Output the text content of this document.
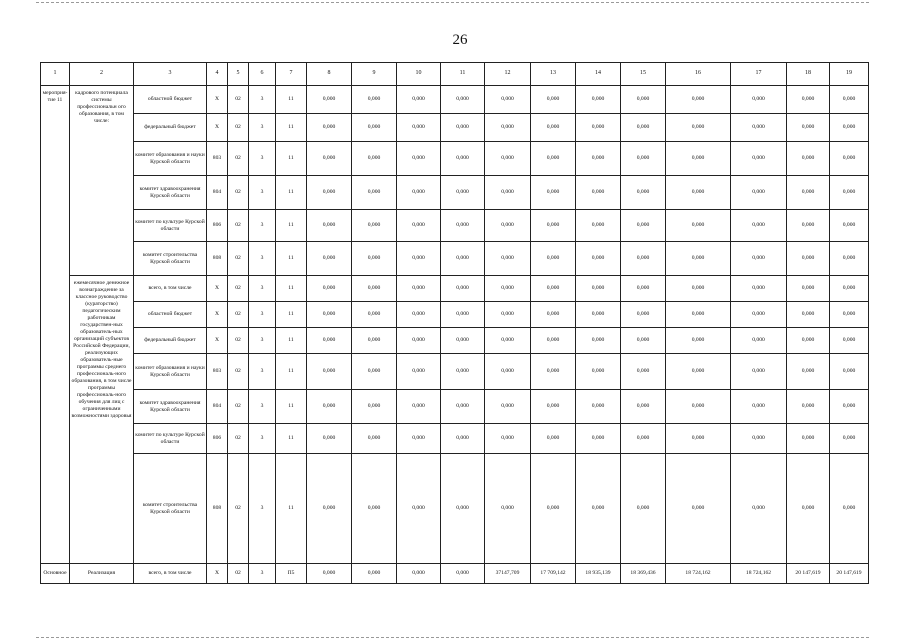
26
1	2	3	4	5	6	7	8	9	10	11	12	13	14	15	16	17	18	19
мероприя-тие 11	кадрового потенциала системы профессиональн ого образования, в том числе:	областной бюджет	X	02	3	11	0,000	0,000	0,000	0,000	0,000	0,000	0,000	0,000	0,000	0,000	0,000	0,000
		федеральный бюджет	X	02	3	11	0,000	0,000	0,000	0,000	0,000	0,000	0,000	0,000	0,000	0,000	0,000	0,000
		комитет образования и науки Курской области	803	02	3	11	0,000	0,000	0,000	0,000	0,000	0,000	0,000	0,000	0,000	0,000	0,000	0,000
		комитет здравоохранения Курской области	804	02	3	11	0,000	0,000	0,000	0,000	0,000	0,000	0,000	0,000	0,000	0,000	0,000	0,000
		комитет по культуре Курской области	806	02	3	11	0,000	0,000	0,000	0,000	0,000	0,000	0,000	0,000	0,000	0,000	0,000	0,000
		комитет строительства Курской области	808	02	3	11	0,000	0,000	0,000	0,000	0,000	0,000	0,000	0,000	0,000	0,000	0,000	0,000
	ежемесячное денежное вознаграждение за классное руководство (кураторство) педагогическим работникам государствен-ных образователь-ных организаций субъектов Российской Федерации, реализующих образователь-ные программы среднего профессиональ-ного образования, в том числе программы профессиональ-ного обучения для лиц с ограниченными возможностями здоровья	всего, в том числе	X	02	3	11	0,000	0,000	0,000	0,000	0,000	0,000	0,000	0,000	0,000	0,000	0,000	0,000
		областной бюджет	X	02	3	11	0,000	0,000	0,000	0,000	0,000	0,000	0,000	0,000	0,000	0,000	0,000	0,000
		федеральный бюджет	X	02	3	11	0,000	0,000	0,000	0,000	0,000	0,000	0,000	0,000	0,000	0,000	0,000	0,000
		комитет образования и науки Курской области	803	02	3	11	0,000	0,000	0,000	0,000	0,000	0,000	0,000	0,000	0,000	0,000	0,000	0,000
		комитет здравоохранения Курской области	804	02	3	11	0,000	0,000	0,000	0,000	0,000	0,000	0,000	0,000	0,000	0,000	0,000	0,000
		комитет по культуре Курской области	806	02	3	11	0,000	0,000	0,000	0,000	0,000	0,000	0,000	0,000	0,000	0,000	0,000	0,000
		комитет строительства Курской области	808	02	3	11	0,000	0,000	0,000	0,000	0,000	0,000	0,000	0,000	0,000	0,000	0,000	0,000
Основное	Реализация	всего, в том числе	X	02	3	П5	0,000	0,000	0,000	0,000	37147,709	17 709,142	18 935,139	18 369,436	18 724,162	18 724,162	20 147,619	20 147,619
